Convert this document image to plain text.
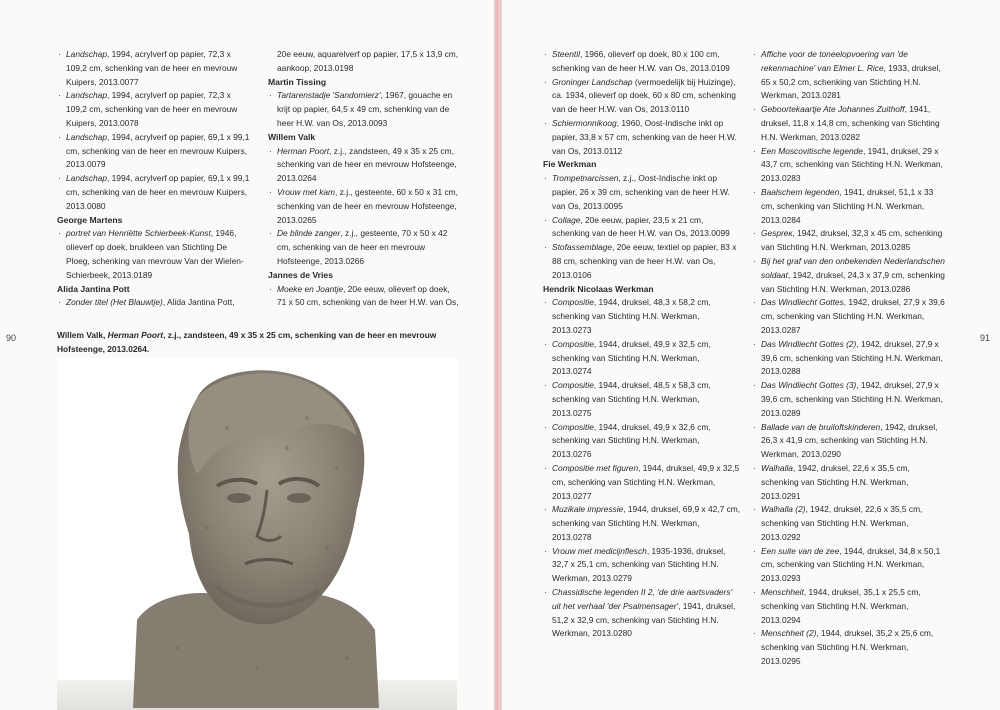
· Landschap, 1994, acrylverf op papier, 72,3 x 109,2 cm, schenking van de heer en mevrouw Kuipers, 2013.0077
· Landschap, 1994, acrylverf op papier, 72,3 x 109,2 cm, schenking van de heer en mevrouw Kuipers, 2013.0078
· Landschap, 1994, acrylverf op papier, 69,1 x 99,1 cm, schenking van de heer en mevrouw Kuipers, 2013.0079
· Landschap, 1994, acrylverf op papier, 69,1 x 99,1 cm, schenking van de heer en mevrouw Kuipers, 2013.0080
George Martens
· portret van Henriëtte Schierbeek-Kunst, 1946, olieverf op doek, bruikleen van Stichting De Ploeg, schenking van mevrouw Van der Wielen-Schierbeek, 2013.0189
Alida Jantina Pott
· Zonder titel (Het Blauwtje), Alida Jantina Pott,
20e eeuw, aquarelverf op papier, 17,5 x 13,9 cm, aankoop, 2013.0198
Martin Tissing
· Tartarenstadje 'Sandomierz', 1967, gouache en krijt op papier, 64,5 x 49 cm, schenking van de heer H.W. van Os, 2013.0093
Willem Valk
· Herman Poort, z.j., zandsteen, 49 x 35 x 25 cm, schenking van de heer en mevrouw Hofsteenge, 2013.0264
· Vrouw met kam, z.j., gesteente, 60 x 50 x 31 cm, schenking van de heer en mevrouw Hofsteenge, 2013.0265
· De blinde zanger, z.j., gesteente, 70 x 50 x 42 cm, schenking van de heer en mevrouw Hofsteenge, 2013.0266
Jannes de Vries
· Moeke en Joantje, 20e eeuw, olieverf op doek, 71 x 50 cm, schenking van de heer H.W. van Os,
· Steentil, 1966, olieverf op doek, 80 x 100 cm, schenking van de heer H.W. van Os, 2013.0109
· Groninger Landschap (vermoedelijk bij Huizinge), ca. 1934, olieverf op doek, 60 x 80 cm, schenking van de heer H.W. van Os, 2013.0110
· Schiermonnikoog, 1960, Oost-Indische inkt op papier, 33,8 x 57 cm, schenking van de heer H.W. van Os, 2013.0112
Fie Werkman
· Trompetnarcissen, z.j., Oost-Indische inkt op papier, 26 x 39 cm, schenking van de heer H.W. van Os, 2013.0095
· Collage, 20e eeuw, papier, 23,5 x 21 cm, schenking van de heer H.W. van Os, 2013.0099
· Stofassemblage, 20e eeuw, textiel op papier, 83 x 88 cm, schenking van de heer H.W. van Os, 2013.0106
Hendrik Nicolaas Werkman
· Compositie, 1944, druksel, 48,3 x 58,2 cm, schenking van Stichting H.N. Werkman, 2013.0273
· Compositie, 1944, druksel, 49,9 x 32,5 cm, schenking van Stichting H.N. Werkman, 2013.0274
· Compositie, 1944, druksel, 48,5 x 58,3 cm, schenking van Stichting H.N. Werkman, 2013.0275
· Compositie, 1944, druksel, 49,9 x 32,6 cm, schenking van Stichting H.N. Werkman, 2013.0276
· Compositie met figuren, 1944, druksel, 49,9 x 32,5 cm, schenking van Stichting H.N. Werkman, 2013.0277
· Muzikale impressie, 1944, druksel, 69,9 x 42,7 cm, schenking van Stichting H.N. Werkman, 2013.0278
· Vrouw met medicijnflesch, 1935-1936, druksel, 32,7 x 25,1 cm, schenking van Stichting H.N. Werkman, 2013.0279
· Chassidische legenden II 2, 'de drie aartsvaders' uit het verhaal 'der Psalmensager', 1941, druksel, 51,2 x 32,9 cm, schenking van Stichting H.N. Werkman, 2013.0280
· Affiche voor de toneelopvoering van 'de rekenmachine' van Elmer L. Rice, 1933, druksel, 65 x 50,2 cm, schenking van Stichting H.N. Werkman, 2013.0281
· Geboortekaartje Ate Johannes Zuithoff, 1941, druksel, 11,8 x 14,8 cm, schenking van Stichting H.N. Werkman, 2013.0282
· Een Moscovitische legende, 1941, druksel, 29 x 43,7 cm, schenking van Stichting H.N. Werkman, 2013.0283
· Baalschem legenden, 1941, druksel, 51,1 x 33 cm, schenking van Stichting H.N. Werkman, 2013.0284
· Gespreк, 1942, druksel, 32,3 x 45 cm, schenking van Stichting H.N. Werkman, 2013.0285
· Bij het graf van den onbekenden Nederlandschen soldaat, 1942, druksel, 24,3 x 37,9 cm, schenking van Stichting H.N. Werkman, 2013.0286
· Das Windliecht Gottes, 1942, druksel, 27,9 x 39,6 cm, schenking van Stichting H.N. Werkman, 2013.0287
· Das Windliecht Gottes (2), 1942, druksel, 27,9 x 39,6 cm, schenking van Stichting H.N. Werkman, 2013.0288
· Das Windliecht Gottes (3), 1942, druksel, 27,9 x 39,6 cm, schenking van Stichting H.N. Werkman, 2013.0289
· Ballade van de bruiloftskinderen, 1942, druksel, 26,3 x 41,9 cm, schenking van Stichting H.N. Werkman, 2013.0290
· Walhalla, 1942, druksel, 22,6 x 35,5 cm, schenking van Stichting H.N. Werkman, 2013.0291
· Walhalla (2), 1942, druksel, 22,6 x 35,5 cm, schenking van Stichting H.N. Werkman, 2013.0292
· Een suite van de zee, 1944, druksel, 34,8 x 50,1 cm, schenking van Stichting H.N. Werkman, 2013.0293
· Menschheit, 1944, druksel, 35,1 x 25,5 cm, schenking van Stichting H.N. Werkman, 2013.0294
· Menschheit (2), 1944, druksel, 35,2 x 25,6 cm, schenking van Stichting H.N. Werkman, 2013.0295
90	91
Willem Valk, Herman Poort, z.j., zandsteen, 49 x 35 x 25 cm, schenking van de heer en mevrouw Hofsteenge, 2013.0264.
